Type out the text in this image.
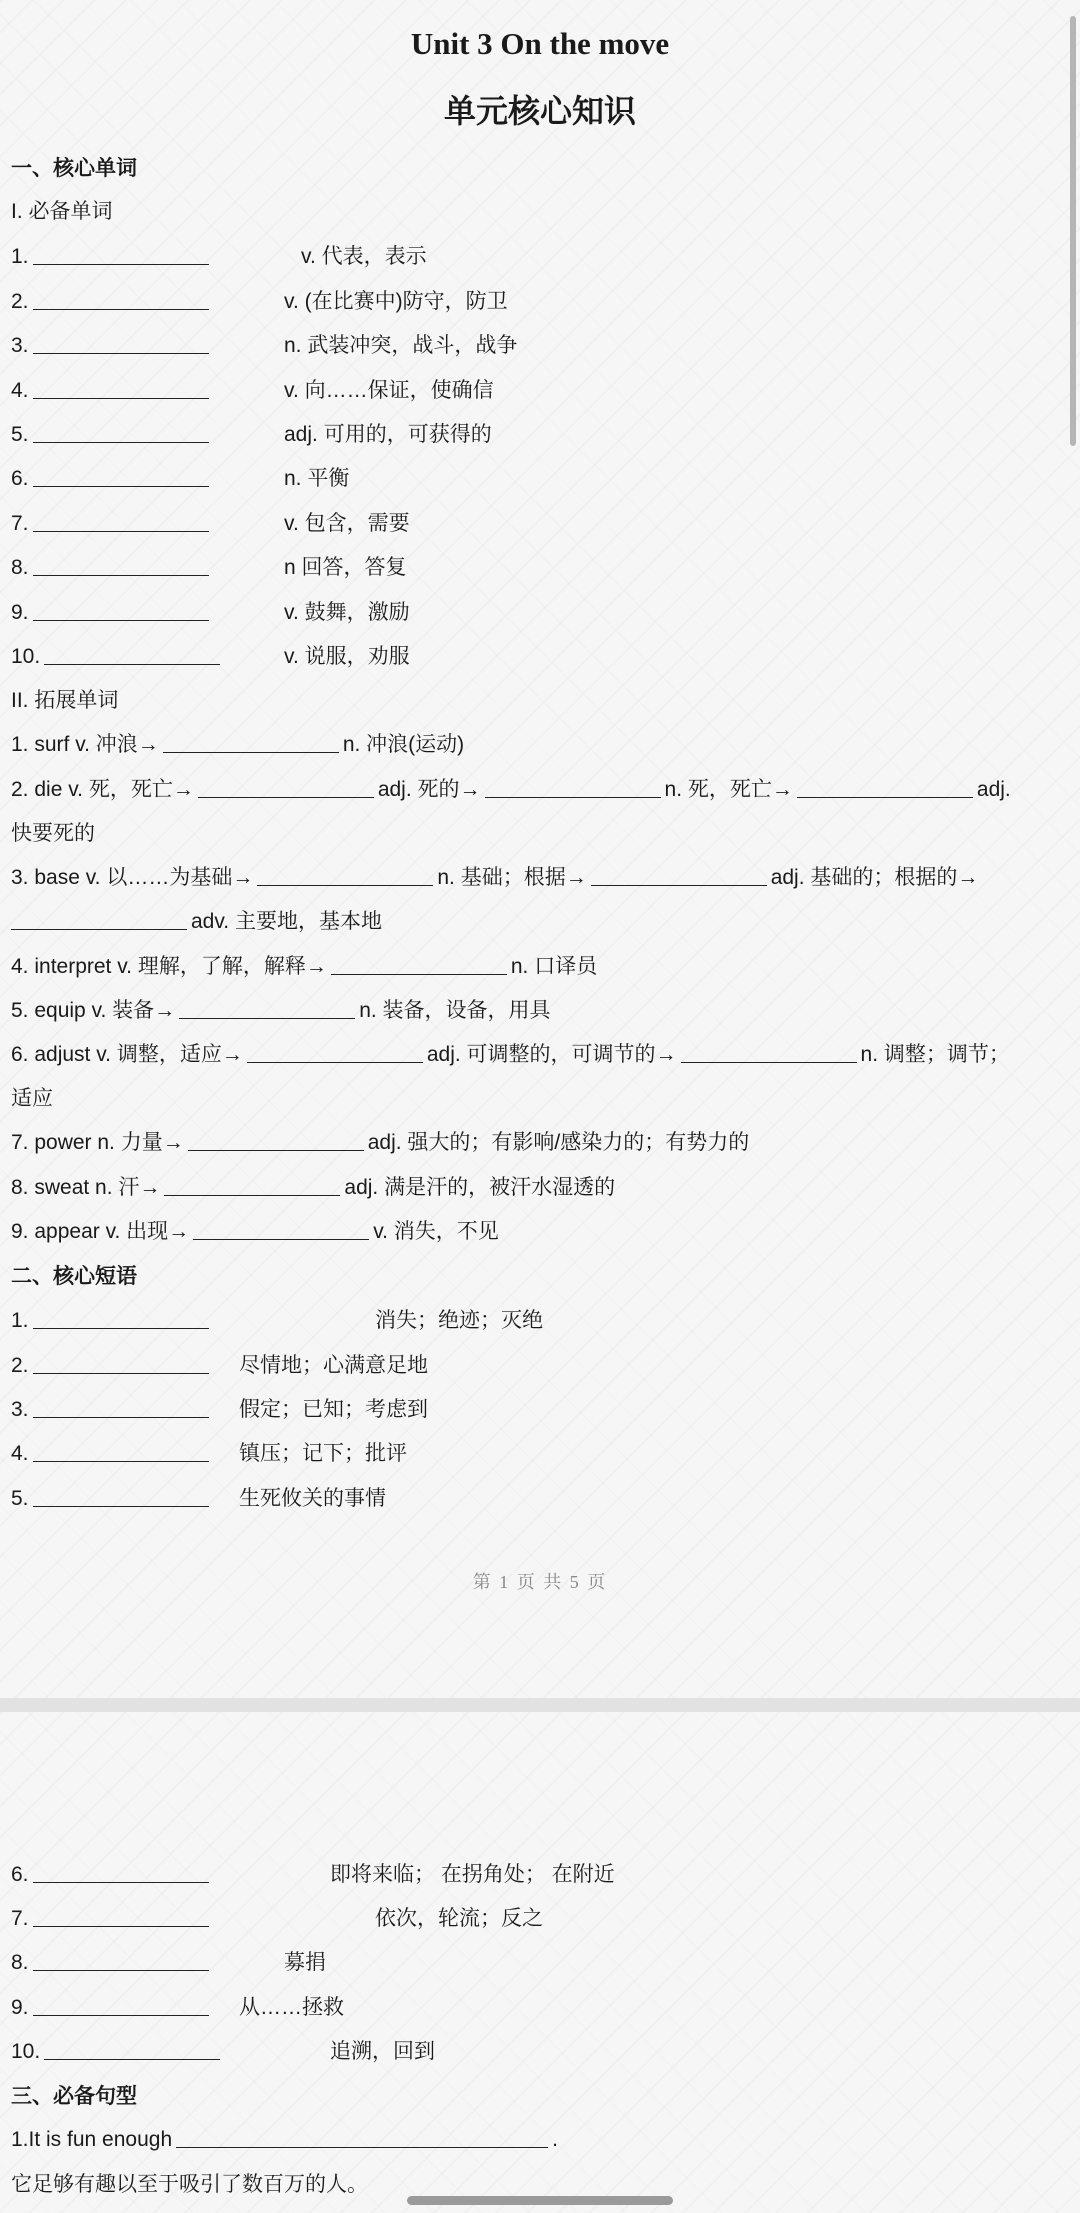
Unit 3 On the move
单元核心知识
一、核心单词
I. 必备单词
1.	v. 代表，表示
2.	v. (在比赛中)防守，防卫
3.	n. 武装冲突，战斗，战争
4.	v. 向……保证，使确信
5.	adj. 可用的，可获得的
6.	n. 平衡
7.	v. 包含，需要
8.	n 回答，答复
9.	v. 鼓舞，激励
10.	v. 说服，劝服
II. 拓展单词
1. surf v. 冲浪→	n. 冲浪(运动)
2. die v. 死，死亡→	adj. 死的→	n. 死，死亡→	adj.
快要死的
3. base v. 以……为基础→	n. 基础；根据→	adj. 基础的；根据的→
adv. 主要地，基本地
4. interpret v. 理解，了解，解释→	n. 口译员
5. equip v. 装备→	n. 装备，设备，用具
6. adjust v. 调整，适应→	adj. 可调整的，可调节的→	n. 调整；调节；
适应
7. power n. 力量→	adj. 强大的；有影响/感染力的；有势力的
8. sweat n. 汗→	adj. 满是汗的，被汗水湿透的
9. appear v. 出现→	v. 消失，不见
二、核心短语
1.	消失；绝迹；灭绝
2.	尽情地；心满意足地
3.	假定；已知；考虑到
4.	镇压；记下；批评
5.	生死攸关的事情
第 1 页 共 5 页
6.	即将来临； 在拐角处； 在附近
7.	依次，轮流；反之
8.	募捐
9.	从……拯救
10.	追溯，回到
三、必备句型
1.It is fun enough	.
它足够有趣以至于吸引了数百万的人。
